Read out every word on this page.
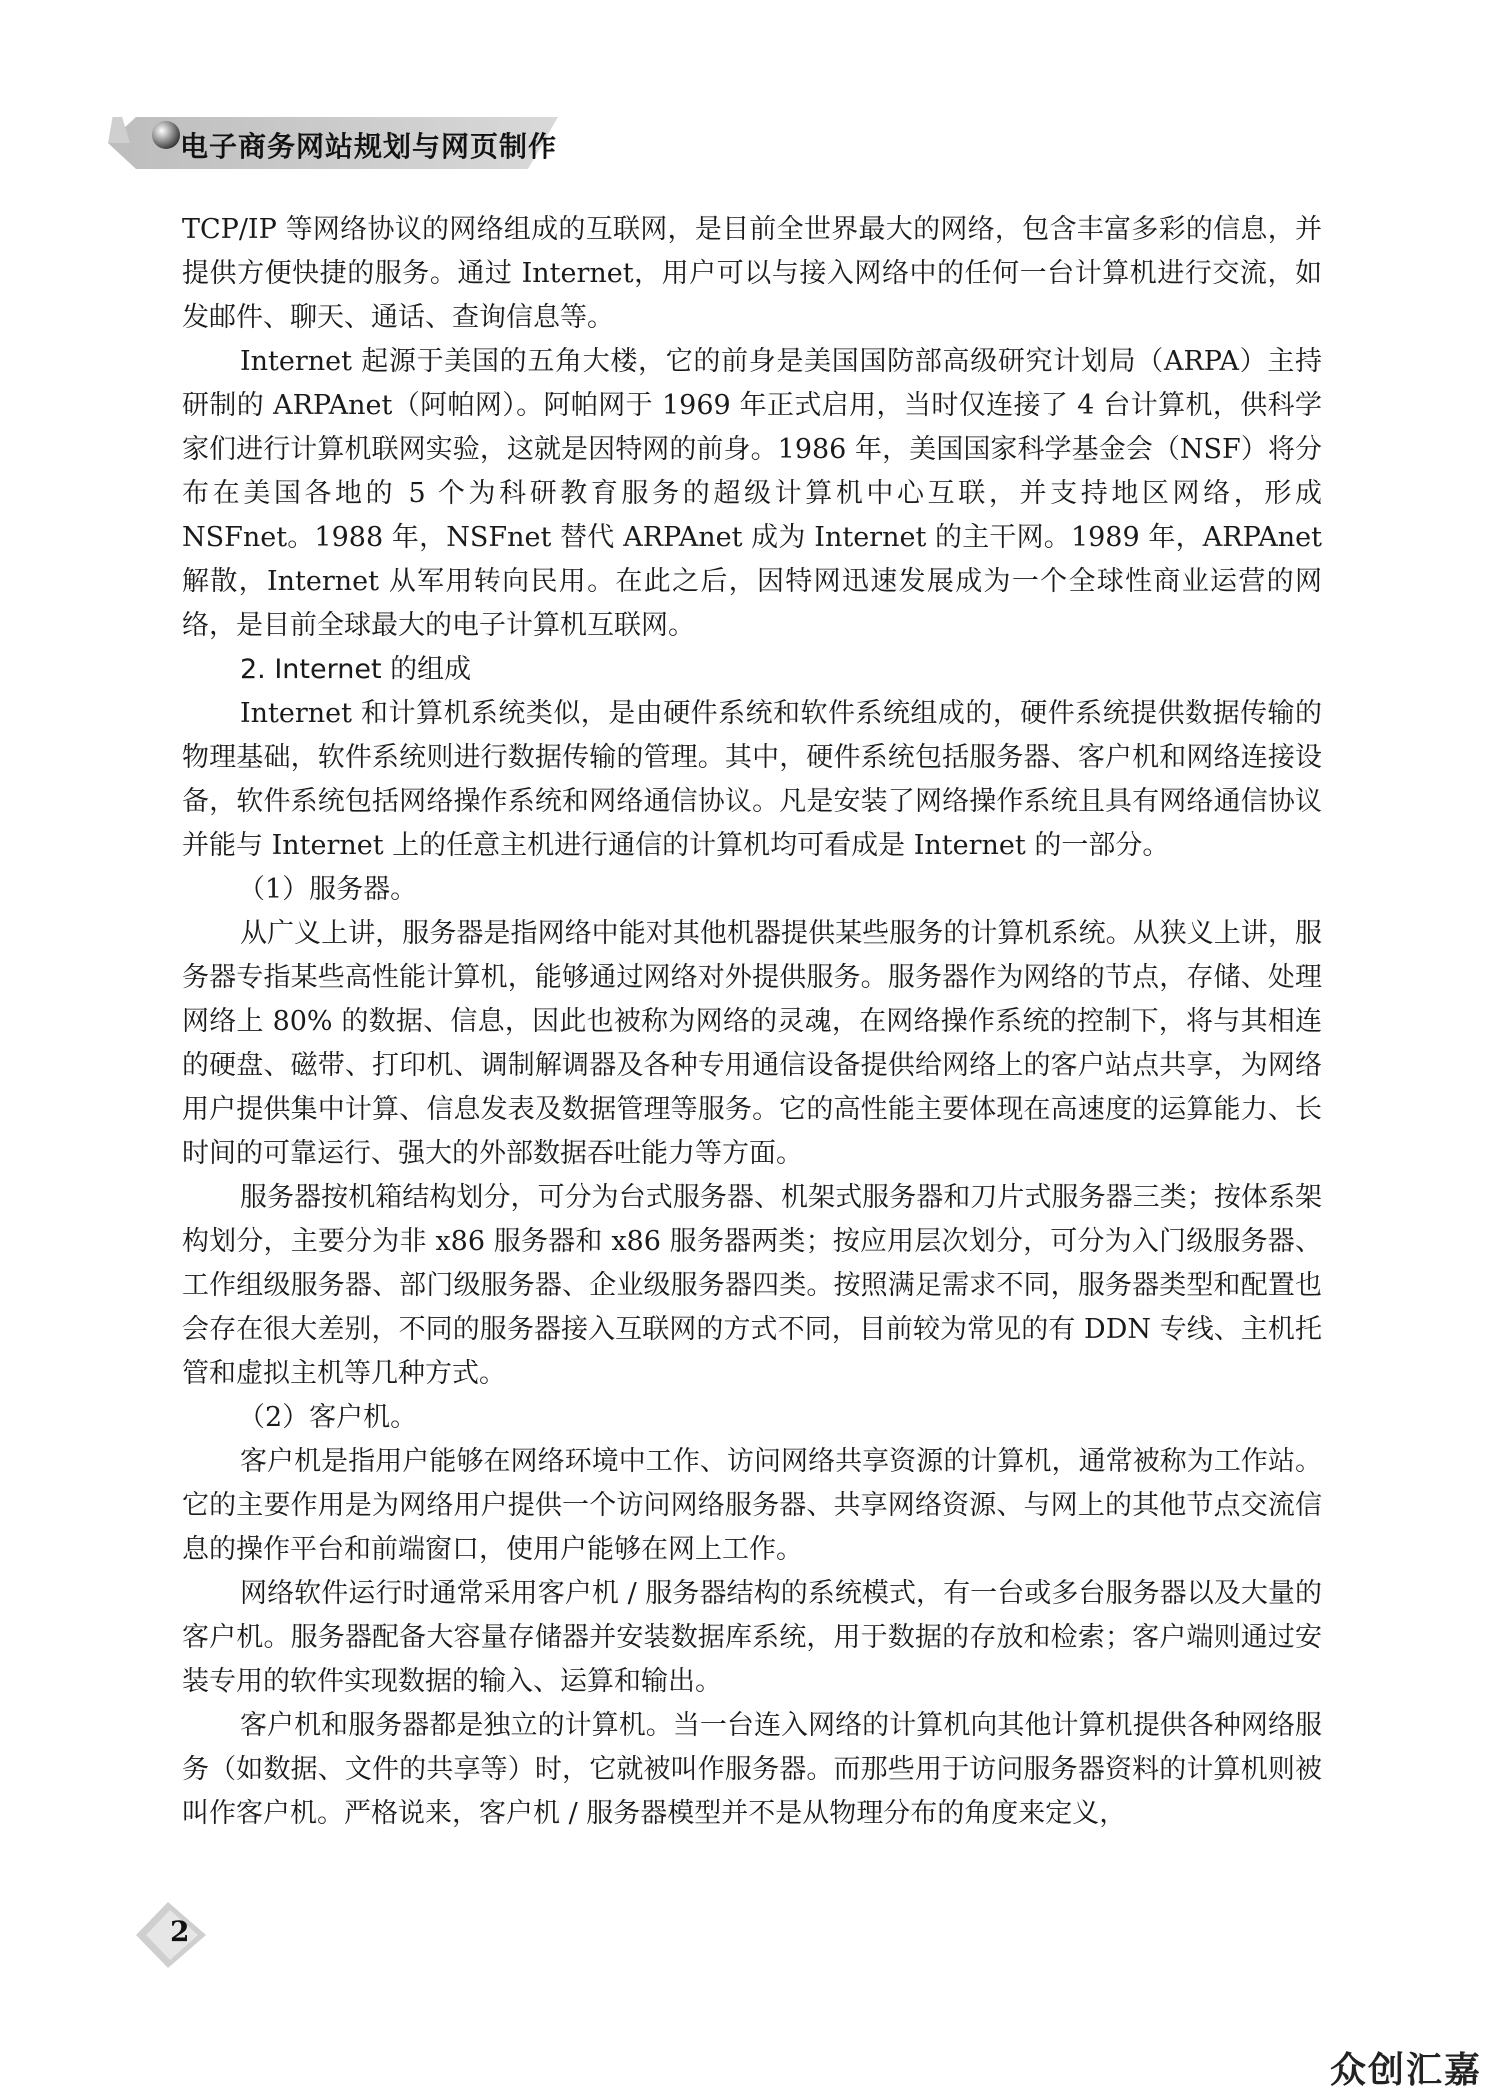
电子商务网站规划与网页制作

TCP/IP 等网络协议的网络组成的互联网，是目前全世界最大的网络，包含丰富多彩的信息，并提供方便快捷的服务。通过 Internet，用户可以与接入网络中的任何一台计算机进行交流，如发邮件、聊天、通话、查询信息等。

Internet 起源于美国的五角大楼，它的前身是美国国防部高级研究计划局（ARPA）主持研制的 ARPAnet（阿帕网）。阿帕网于 1969 年正式启用，当时仅连接了 4 台计算机，供科学家们进行计算机联网实验，这就是因特网的前身。1986 年，美国国家科学基金会（NSF）将分布在美国各地的 5 个为科研教育服务的超级计算机中心互联，并支持地区网络，形成 NSFnet。1988 年，NSFnet 替代 ARPAnet 成为 Internet 的主干网。1989 年，ARPAnet 解散，Internet 从军用转向民用。在此之后，因特网迅速发展成为一个全球性商业运营的网络，是目前全球最大的电子计算机互联网。

2. Internet 的组成

Internet 和计算机系统类似，是由硬件系统和软件系统组成的，硬件系统提供数据传输的物理基础，软件系统则进行数据传输的管理。其中，硬件系统包括服务器、客户机和网络连接设备，软件系统包括网络操作系统和网络通信协议。凡是安装了网络操作系统且具有网络通信协议并能与 Internet 上的任意主机进行通信的计算机均可看成是 Internet 的一部分。

（1）服务器。

从广义上讲，服务器是指网络中能对其他机器提供某些服务的计算机系统。从狭义上讲，服务器专指某些高性能计算机，能够通过网络对外提供服务。服务器作为网络的节点，存储、处理网络上 80% 的数据、信息，因此也被称为网络的灵魂，在网络操作系统的控制下，将与其相连的硬盘、磁带、打印机、调制解调器及各种专用通信设备提供给网络上的客户站点共享，为网络用户提供集中计算、信息发表及数据管理等服务。它的高性能主要体现在高速度的运算能力、长时间的可靠运行、强大的外部数据吞吐能力等方面。

服务器按机箱结构划分，可分为台式服务器、机架式服务器和刀片式服务器三类；按体系架构划分，主要分为非 x86 服务器和 x86 服务器两类；按应用层次划分，可分为入门级服务器、工作组级服务器、部门级服务器、企业级服务器四类。按照满足需求不同，服务器类型和配置也会存在很大差别，不同的服务器接入互联网的方式不同，目前较为常见的有 DDN 专线、主机托管和虚拟主机等几种方式。

（2）客户机。

客户机是指用户能够在网络环境中工作、访问网络共享资源的计算机，通常被称为工作站。它的主要作用是为网络用户提供一个访问网络服务器、共享网络资源、与网上的其他节点交流信息的操作平台和前端窗口，使用户能够在网上工作。

网络软件运行时通常采用客户机 / 服务器结构的系统模式，有一台或多台服务器以及大量的客户机。服务器配备大容量存储器并安装数据库系统，用于数据的存放和检索；客户端则通过安装专用的软件实现数据的输入、运算和输出。

客户机和服务器都是独立的计算机。当一台连入网络的计算机向其他计算机提供各种网络服务（如数据、文件的共享等）时，它就被叫作服务器。而那些用于访问服务器资料的计算机则被叫作客户机。严格说来，客户机 / 服务器模型并不是从物理分布的角度来定义，

2
众创汇嘉
